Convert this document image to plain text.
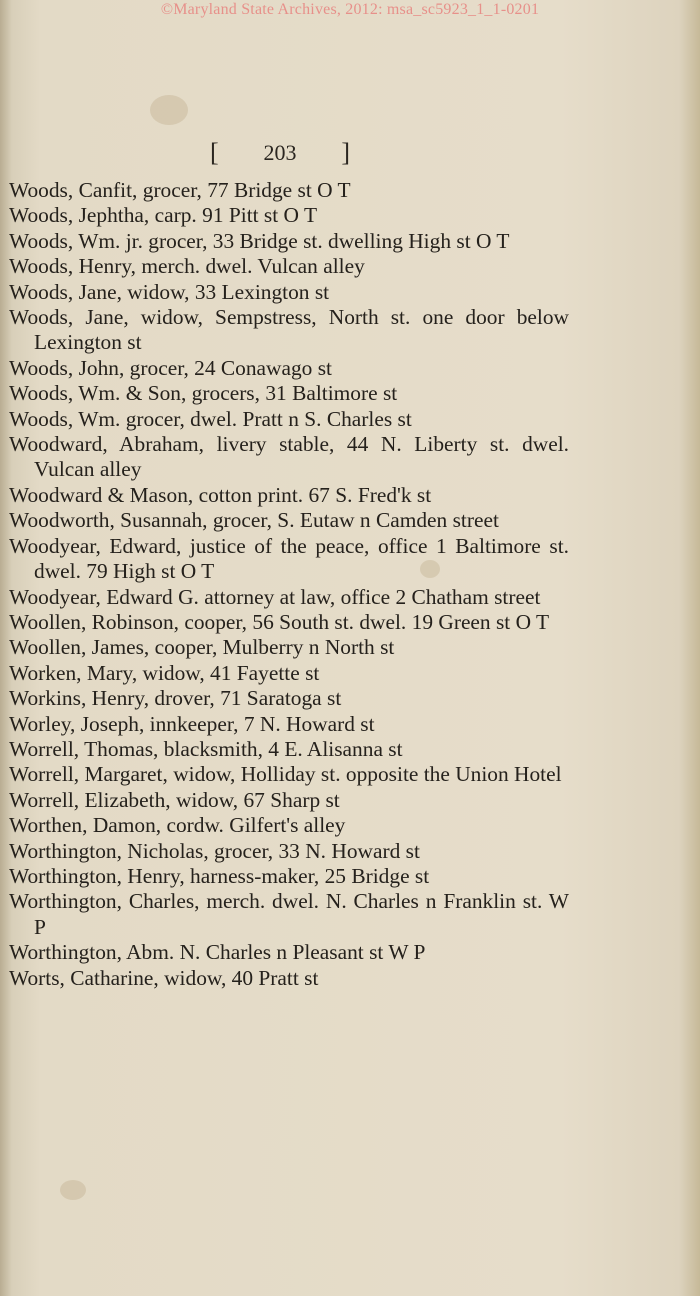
©Maryland State Archives, 2012: msa_sc5923_1_1-0201
[ 203 ]

Woods, Canfit, grocer, 77 Bridge st O T

Woods, Jephtha, carp. 91 Pitt st O T

Woods, Wm. jr. grocer, 33 Bridge st. dwelling High st O T

Woods, Henry, merch. dwel. Vulcan alley

Woods, Jane, widow, 33 Lexington st

Woods, Jane, widow, Sempstress, North st. one door below Lexington st

Woods, John, grocer, 24 Conawago st

Woods, Wm. & Son, grocers, 31 Baltimore st

Woods, Wm. grocer, dwel. Pratt n S. Charles st

Woodward, Abraham, livery stable, 44 N. Liberty st. dwel. Vulcan alley

Woodward & Mason, cotton print. 67 S. Fred'k st

Woodworth, Susannah, grocer, S. Eutaw n Camden street

Woodyear, Edward, justice of the peace, office 1 Baltimore st. dwel. 79 High st O T

Woodyear, Edward G. attorney at law, office 2 Chatham street

Woollen, Robinson, cooper, 56 South st. dwel. 19 Green st O T

Woollen, James, cooper, Mulberry n North st

Worken, Mary, widow, 41 Fayette st

Workins, Henry, drover, 71 Saratoga st

Worley, Joseph, innkeeper, 7 N. Howard st

Worrell, Thomas, blacksmith, 4 E. Alisanna st

Worrell, Margaret, widow, Holliday st. opposite the Union Hotel

Worrell, Elizabeth, widow, 67 Sharp st

Worthen, Damon, cordw. Gilfert's alley

Worthington, Nicholas, grocer, 33 N. Howard st

Worthington, Henry, harness-maker, 25 Bridge st

Worthington, Charles, merch. dwel. N. Charles n Franklin st. W P

Worthington, Abm. N. Charles n Pleasant st W P

Worts, Catharine, widow, 40 Pratt st
